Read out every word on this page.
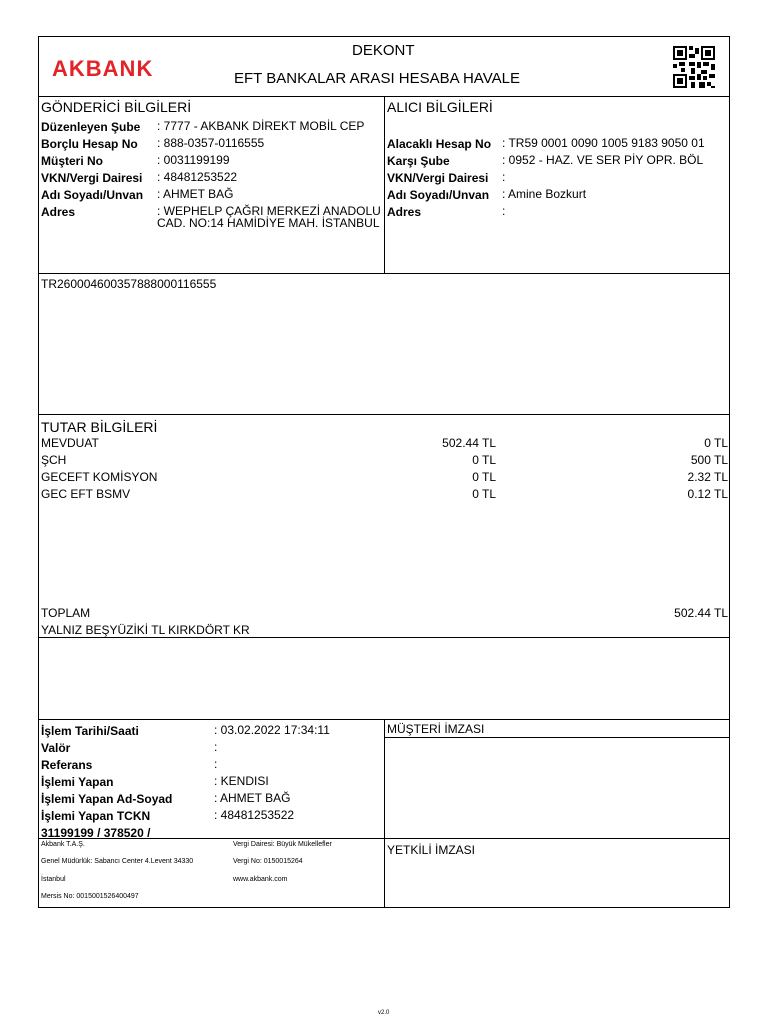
AKBANK
DEKONT
EFT BANKALAR ARASI HESABA HAVALE
GÖNDERİCİ BİLGİLERİ
Düzenleyen Şube : 7777 - AKBANK DİREKT MOBİL CEP
Borçlu Hesap No : 888-0357-0116555
Müşteri No	: 0031199199
VKN/Vergi Dairesi : 48481253522
Adı Soyadı/Unvan : AHMET BAĞ
Adres	: WEPHELP ÇAĞRI MERKEZİ ANADOLU CAD. NO:14 HAMİDİYE MAH. İSTANBUL
ALICI BİLGİLERİ
Alacaklı Hesap No : TR59 0001 0090 1005 9183 9050 01
Karşı Şube	: 0952 - HAZ. VE SER PİY OPR. BÖL
VKN/Vergi Dairesi :
Adı Soyadı/Unvan : Amine Bozkurt
Adres	:
TR260004600357888000116555
TUTAR BİLGİLERİ
MEVDUAT	502.44 TL	0 TL
ŞCH	0 TL	500 TL
GECEFT KOMİSYON	0 TL	2.32 TL
GEC EFT BSMV	0 TL	0.12 TL
TOPLAM	502.44 TL
YALNIZ BEŞYÜZİKİ TL KIRKDÖRT KR
İşlem Tarihi/Saati	: 03.02.2022 17:34:11
Valör	:
Referans	:
İşlemi Yapan	: KENDISI
İşlemi Yapan Ad-Soyad	: AHMET BAĞ
İşlemi Yapan TCKN	: 48481253522
31199199 / 378520 /
MÜŞTERİ İMZASI
YETKİLİ İMZASI
Akbank T.A.Ş.
Genel Müdürlük: Sabancı Center 4.Levent 34330
İstanbul
Mersis No: 0015001526400497
Vergi Dairesi: Büyük Mükellefler
Vergi No: 0150015264
www.akbank.com
v2.0
